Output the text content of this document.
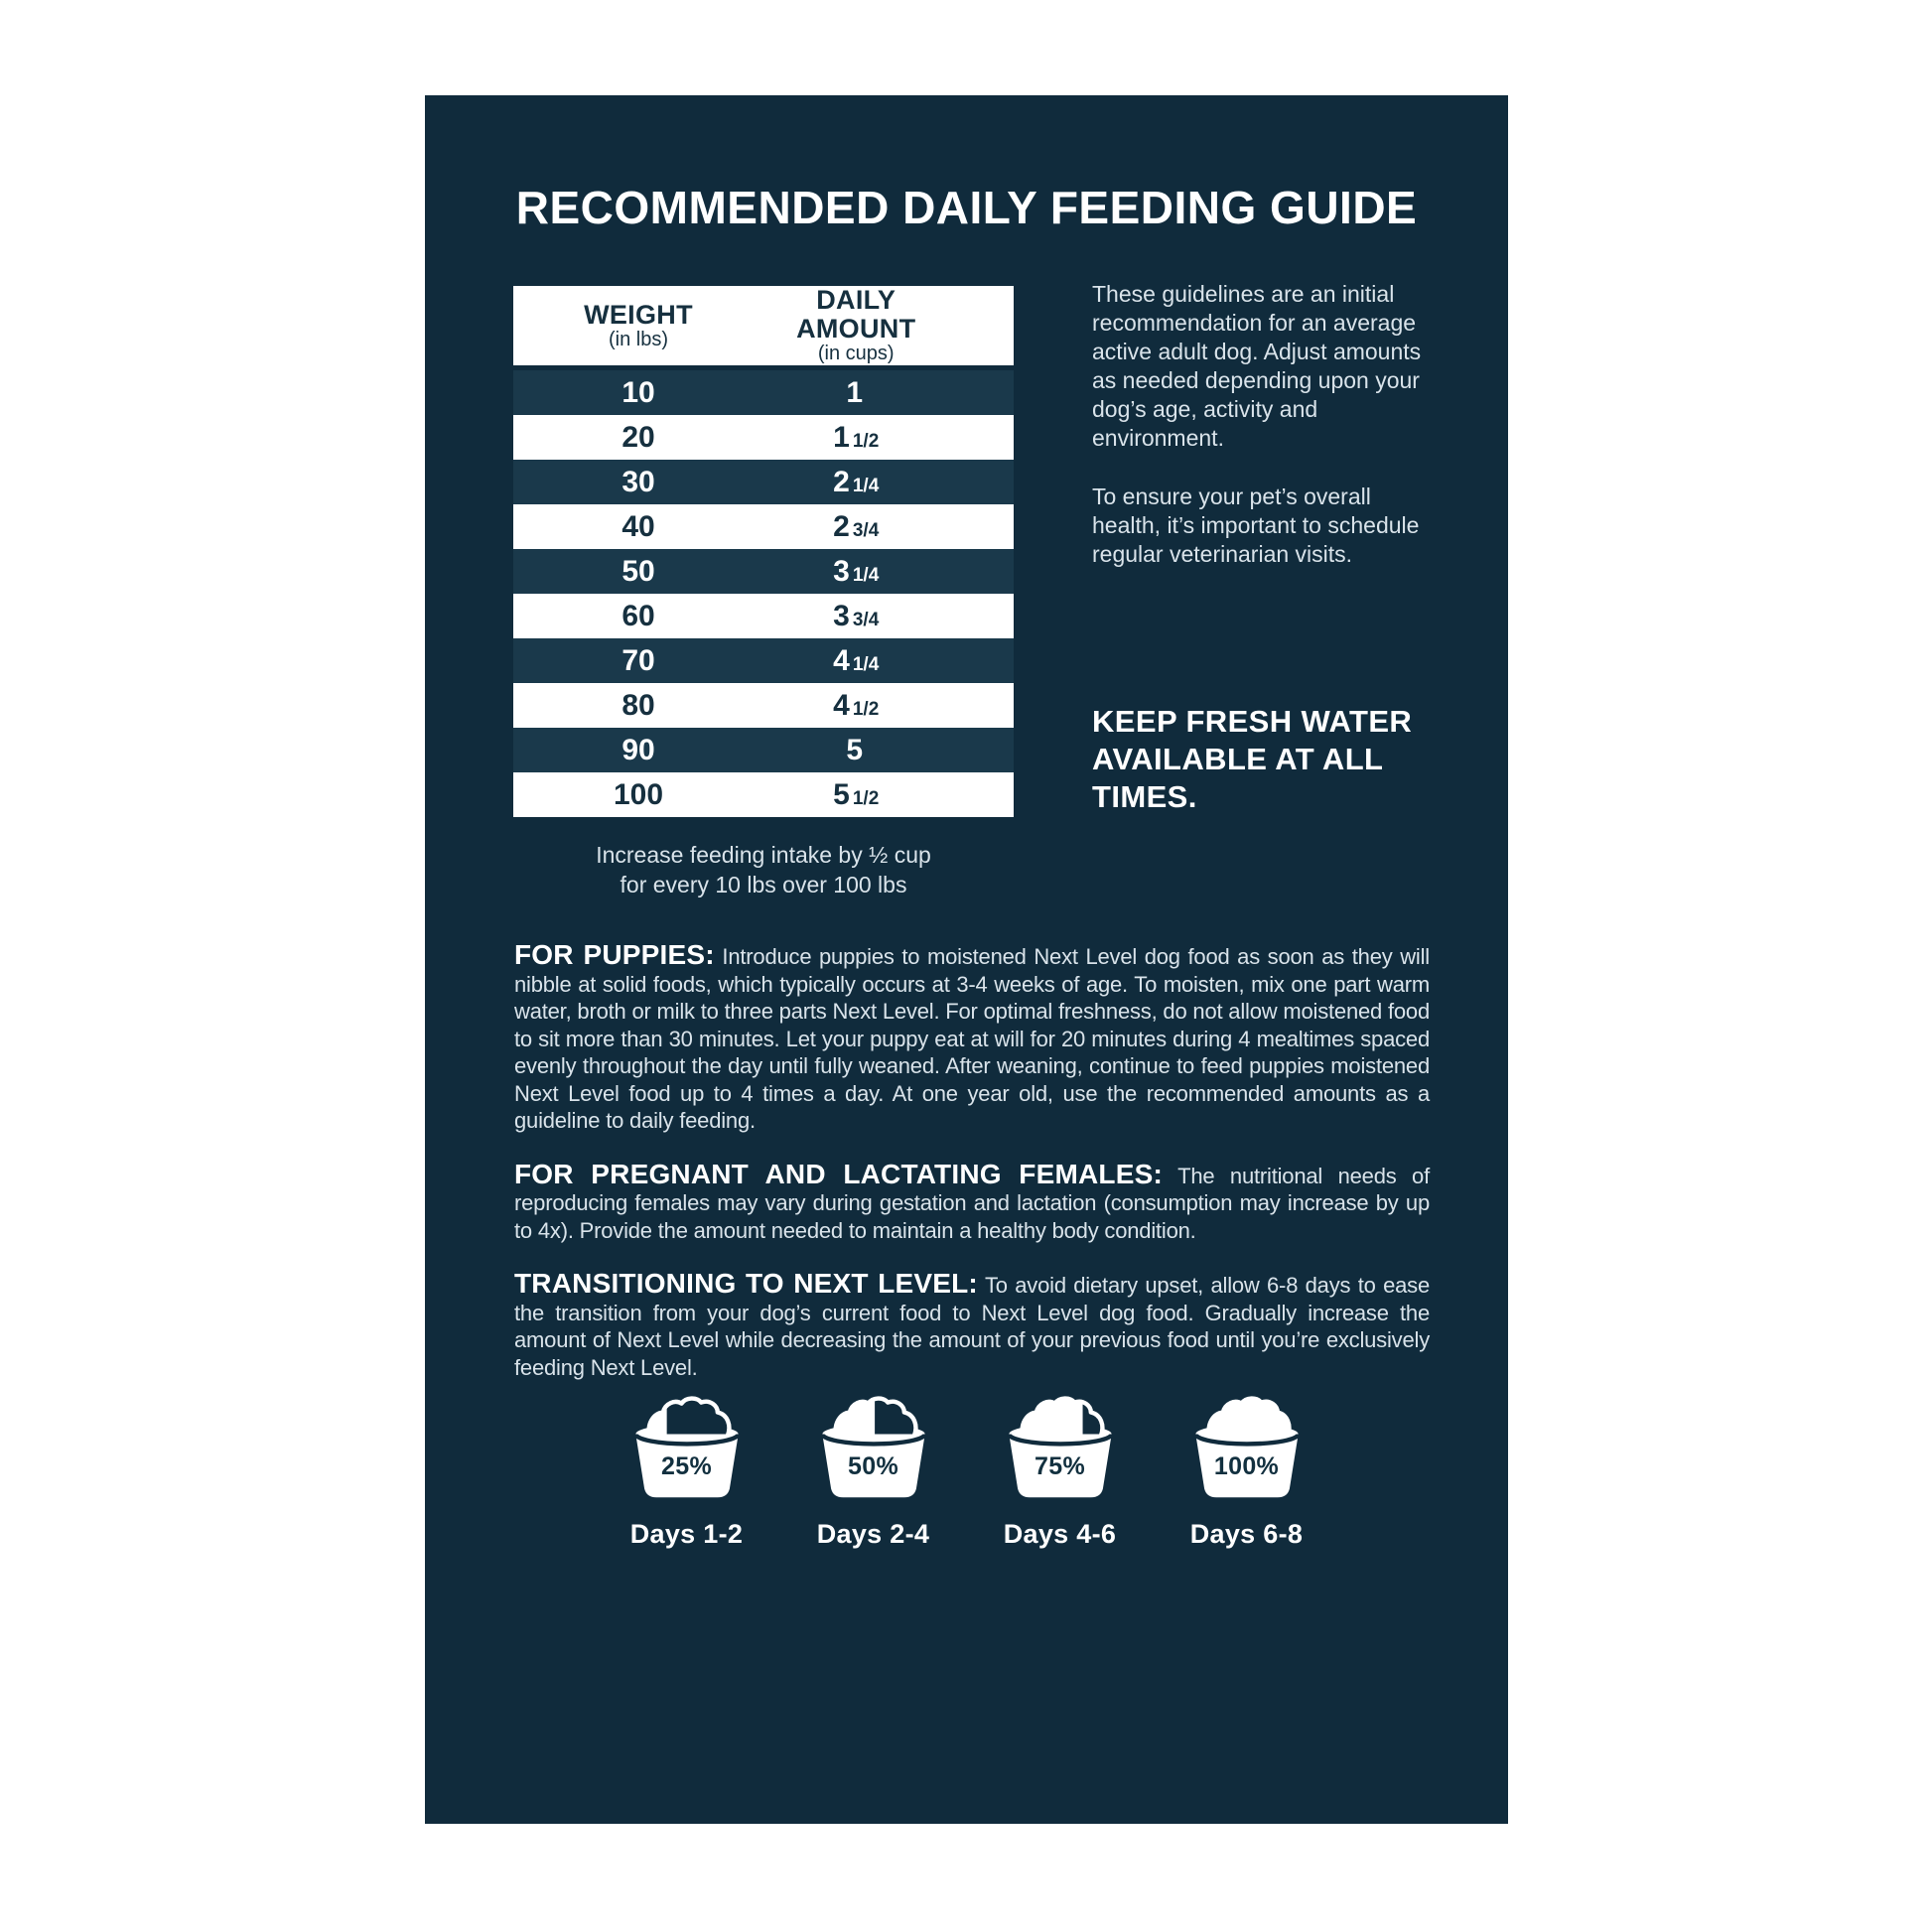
RECOMMENDED DAILY FEEDING GUIDE
WEIGHT
(in lbs)
DAILY AMOUNT
(in cups)
10	1
20	1 1/2
30	2 1/4
40	2 3/4
50	3 1/4
60	3 3/4
70	4 1/4
80	4 1/2
90	5
100	5 1/2
Increase feeding intake by ½ cup
for every 10 lbs over 100 lbs

These guidelines are an initial recommendation for an average active adult dog. Adjust amounts as needed depending upon your dog’s age, activity and environment.

To ensure your pet’s overall health, it’s important to schedule regular veterinarian visits.

KEEP FRESH WATER AVAILABLE AT ALL TIMES.

FOR PUPPIES: Introduce puppies to moistened Next Level dog food as soon as they will nibble at solid foods, which typically occurs at 3-4 weeks of age. To moisten, mix one part warm water, broth or milk to three parts Next Level. For optimal freshness, do not allow moistened food to sit more than 30 minutes. Let your puppy eat at will for 20 minutes during 4 mealtimes spaced evenly throughout the day until fully weaned. After weaning, continue to feed puppies moistened Next Level food up to 4 times a day. At one year old, use the recommended amounts as a guideline to daily feeding.

FOR PREGNANT AND LACTATING FEMALES: The nutritional needs of reproducing females may vary during gestation and lactation (consumption may increase by up to 4x). Provide the amount needed to maintain a healthy body condition.

TRANSITIONING TO NEXT LEVEL: To avoid dietary upset, allow 6-8 days to ease the transition from your dog’s current food to Next Level dog food. Gradually increase the amount of Next Level while decreasing the amount of your previous food until you’re exclusively feeding Next Level.

25%
Days 1-2
50%
Days 2-4
75%
Days 4-6
100%
Days 6-8
